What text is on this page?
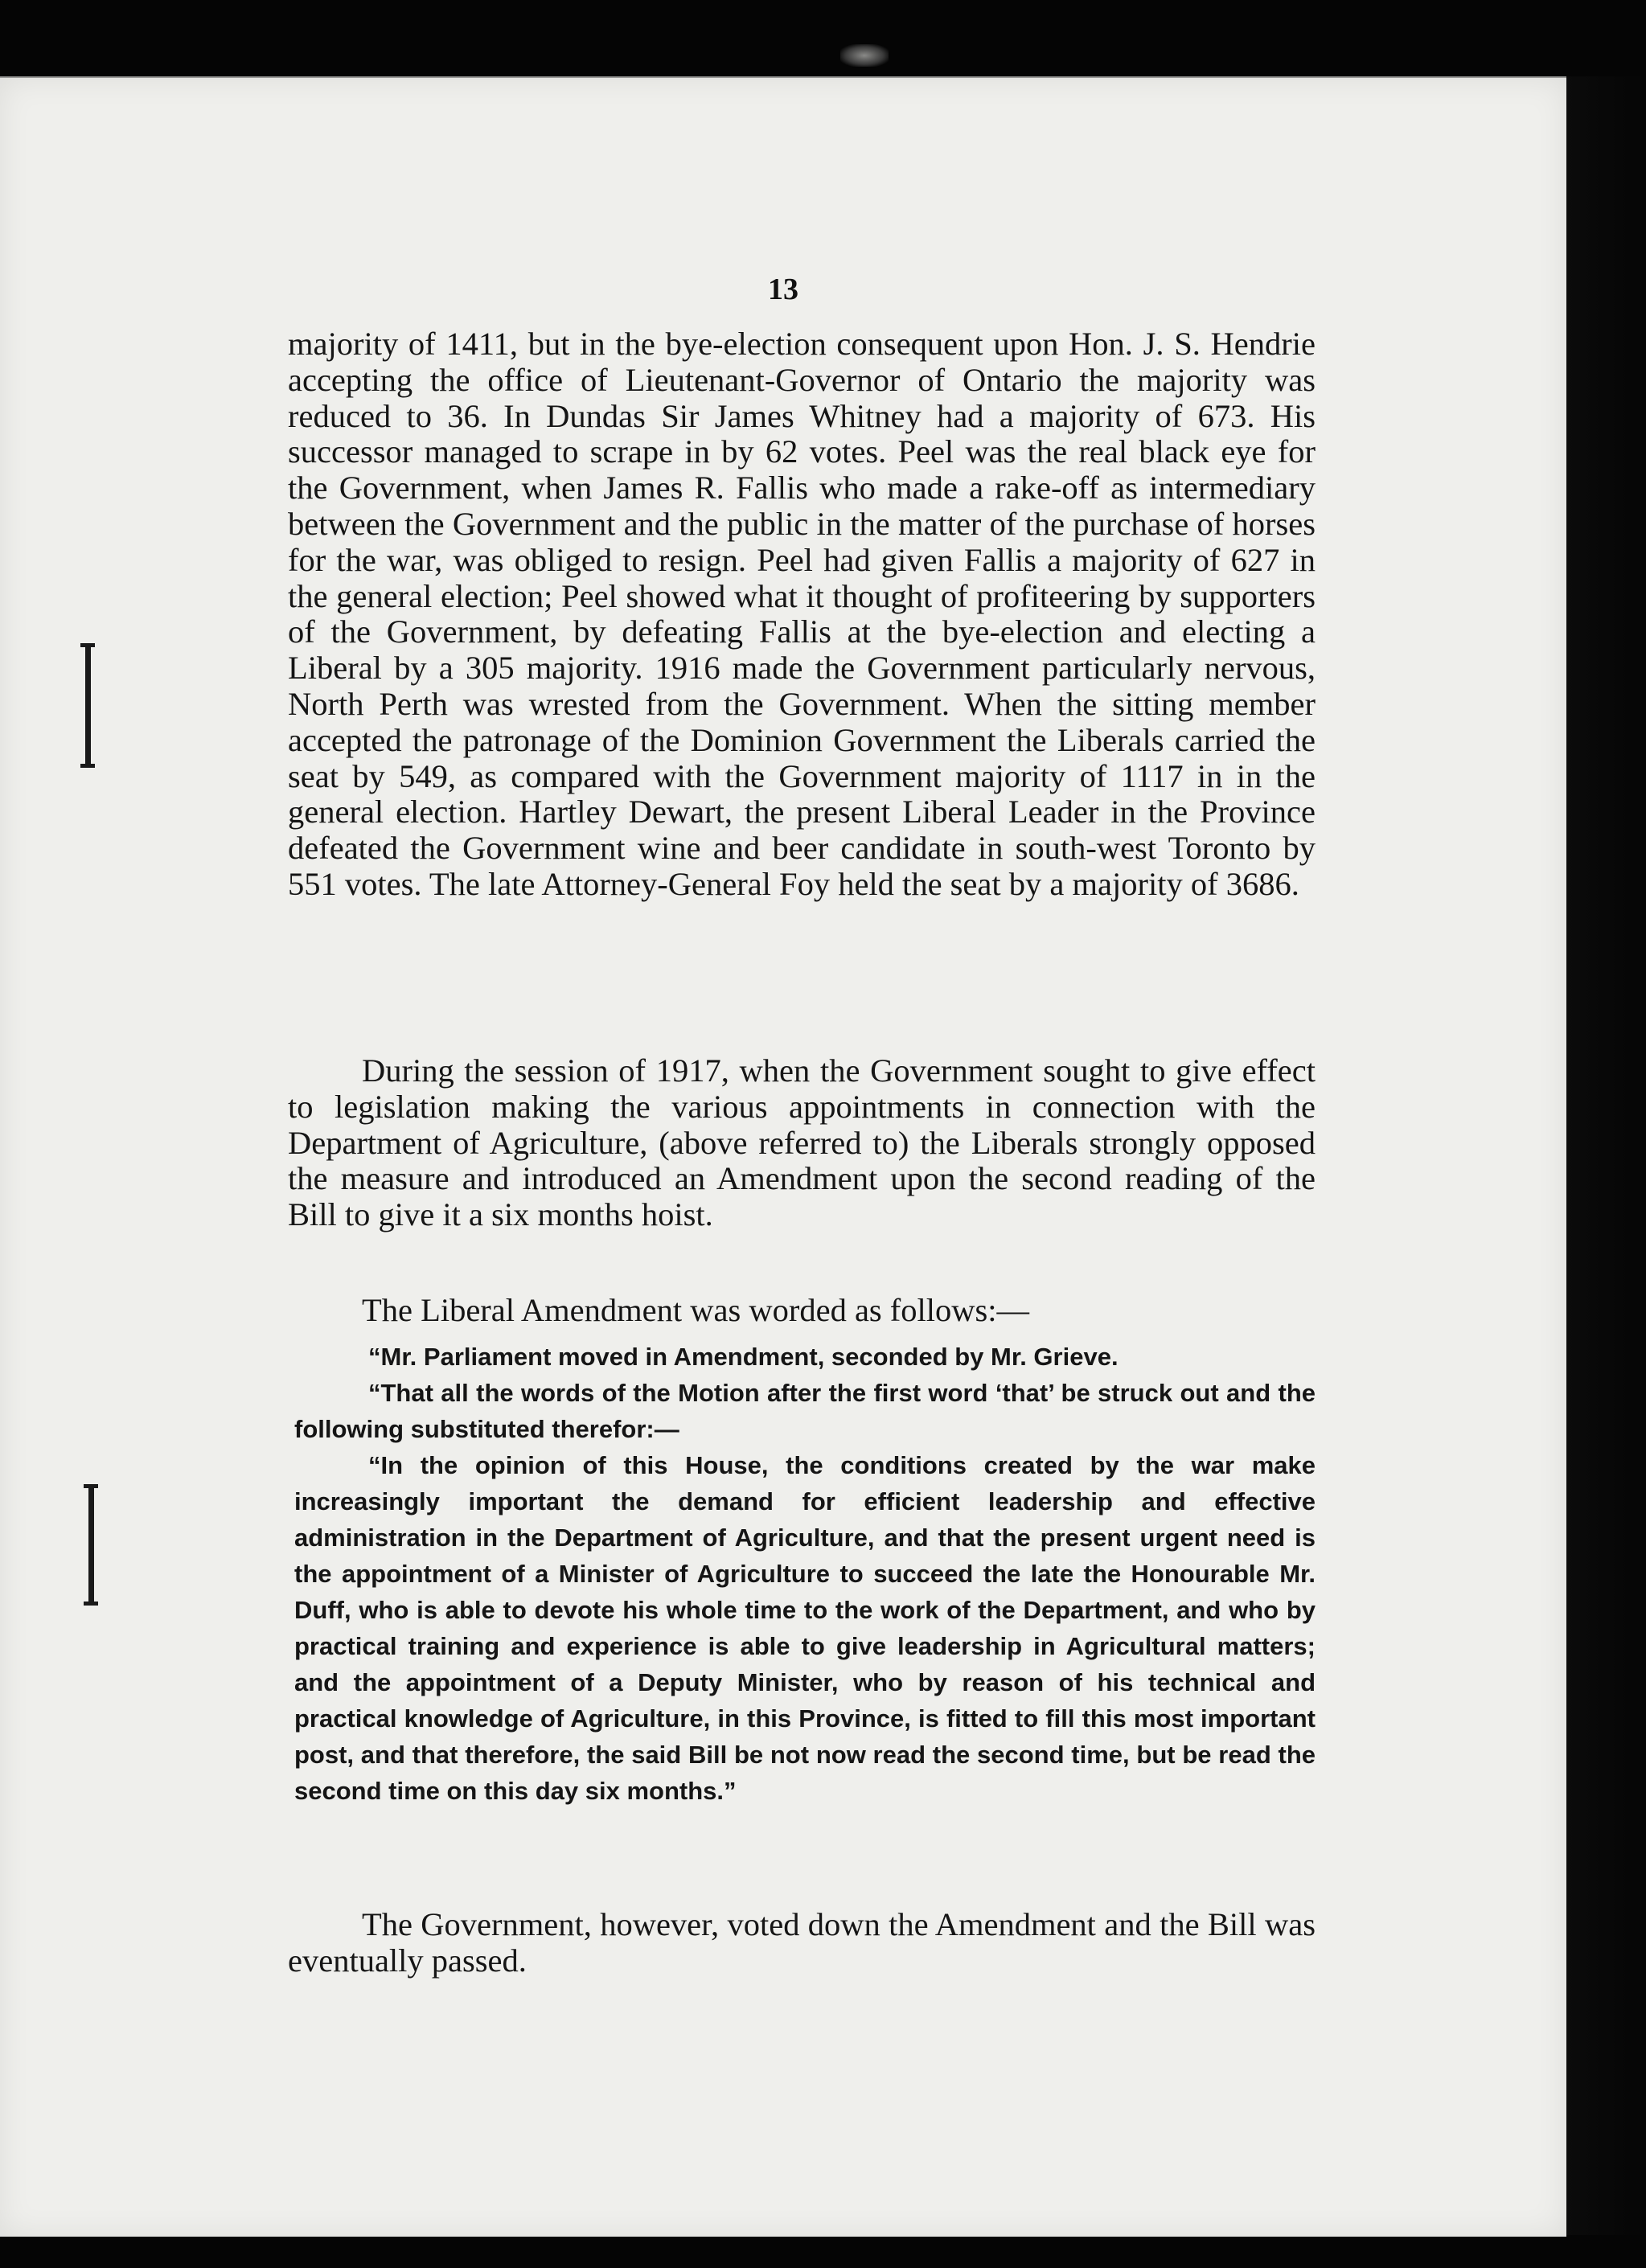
13

majority of 1411, but in the bye-election consequent upon Hon. J. S. Hendrie accepting the office of Lieutenant-Governor of Ontario the majority was reduced to 36. In Dundas Sir James Whitney had a majority of 673. His successor managed to scrape in by 62 votes. Peel was the real black eye for the Government, when James R. Fallis who made a rake-off as intermediary between the Government and the public in the matter of the purchase of horses for the war, was obliged to resign. Peel had given Fallis a majority of 627 in the general election; Peel showed what it thought of profiteering by supporters of the Government, by defeating Fallis at the bye-election and electing a Liberal by a 305 majority. 1916 made the Government particularly nervous, North Perth was wrested from the Government. When the sitting member accepted the patronage of the Dominion Government the Liberals carried the seat by 549, as compared with the Government majority of 1117 in in the general election. Hartley Dewart, the present Liberal Leader in the Province defeated the Government wine and beer candidate in south-west Toronto by 551 votes. The late Attorney-General Foy held the seat by a majority of 3686.

During the session of 1917, when the Government sought to give effect to legislation making the various appointments in connection with the Department of Agriculture, (above referred to) the Liberals strongly opposed the measure and introduced an Amendment upon the second reading of the Bill to give it a six months hoist.

The Liberal Amendment was worded as follows:—

“Mr. Parliament moved in Amendment, seconded by Mr. Grieve.

“That all the words of the Motion after the first word ‘that’ be struck out and the following substituted therefor:—

“In the opinion of this House, the conditions created by the war make increasingly important the demand for efficient leadership and effective administration in the Department of Agriculture, and that the present urgent need is the appointment of a Minister of Agriculture to succeed the late the Honourable Mr. Duff, who is able to devote his whole time to the work of the Department, and who by practical training and experience is able to give leadership in Agricultural matters; and the appointment of a Deputy Minister, who by reason of his technical and practical knowledge of Agriculture, in this Province, is fitted to fill this most important post, and that therefore, the said Bill be not now read the second time, but be read the second time on this day six months.”

The Government, however, voted down the Amendment and the Bill was eventually passed.
